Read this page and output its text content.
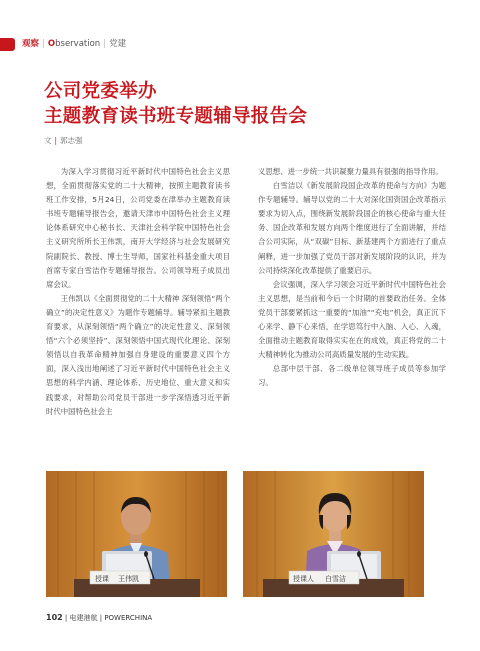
观察 | Observation | 党建
公司党委举办
主题教育读书班专题辅导报告会
文 | 郭志强

为深入学习贯彻习近平新时代中国特色社会主义思想，全面贯彻落实党的二十大精神，按照主题教育读书班工作安排，5月24日，公司党委在津举办主题教育读书班专题辅导报告会，邀请天津市中国特色社会主义理论体系研究中心秘书长、天津社会科学院中国特色社会主义研究所所长王伟凯，南开大学经济与社会发展研究院副院长、教授、博士生导师，国家社科基金重大项目首席专家白雪洁作专题辅导报告。公司领导班子成员出席会议。

王伟凯以《全面贯彻党的二十大精神 深刻领悟“两个确立”的决定性意义》为题作专题辅导。辅导紧扣主题教育要求，从深刻领悟“两个确立”的决定性意义、深刻领悟“六个必须坚持”、深刻领悟中国式现代化理论、深刻领悟以自我革命精神加强自身建设的重要意义四个方面，深入浅出地阐述了习近平新时代中国特色社会主义思想的科学内涵、理论体系、历史地位、重大意义和实践要求，对帮助公司党员干部进一步学深悟透习近平新时代中国特色社会主

义思想、进一步统一共识凝聚力量具有很强的指导作用。

白雪洁以《新发展阶段国企改革的使命与方向》为题作专题辅导。辅导以党的二十大对深化国资国企改革指示要求为切入点，围绕新发展阶段国企的核心使命与重大任务、国企改革和发展方向两个维度进行了全面讲解，并结合公司实际，从“双碳”目标、新基建两个方面进行了重点阐释，进一步加强了党员干部对新发展阶段的认识，并为公司持续深化改革提供了重要启示。

会议强调，深入学习领会习近平新时代中国特色社会主义思想，是当前和今后一个时期的首要政治任务。全体党员干部要紧抓这一重要的“加油”“充电”机会，真正沉下心来学、静下心来悟，在学思笃行中入脑、入心、入魂，全面推动主题教育取得实实在在的成效，真正将党的二十大精神转化为推动公司高质量发展的生动实践。

总部中层干部、各二级单位领导班子成员等参加学习。

授课 王伟凯	授课人 白雪洁
102 | 电建港航 | POWERCHINA
